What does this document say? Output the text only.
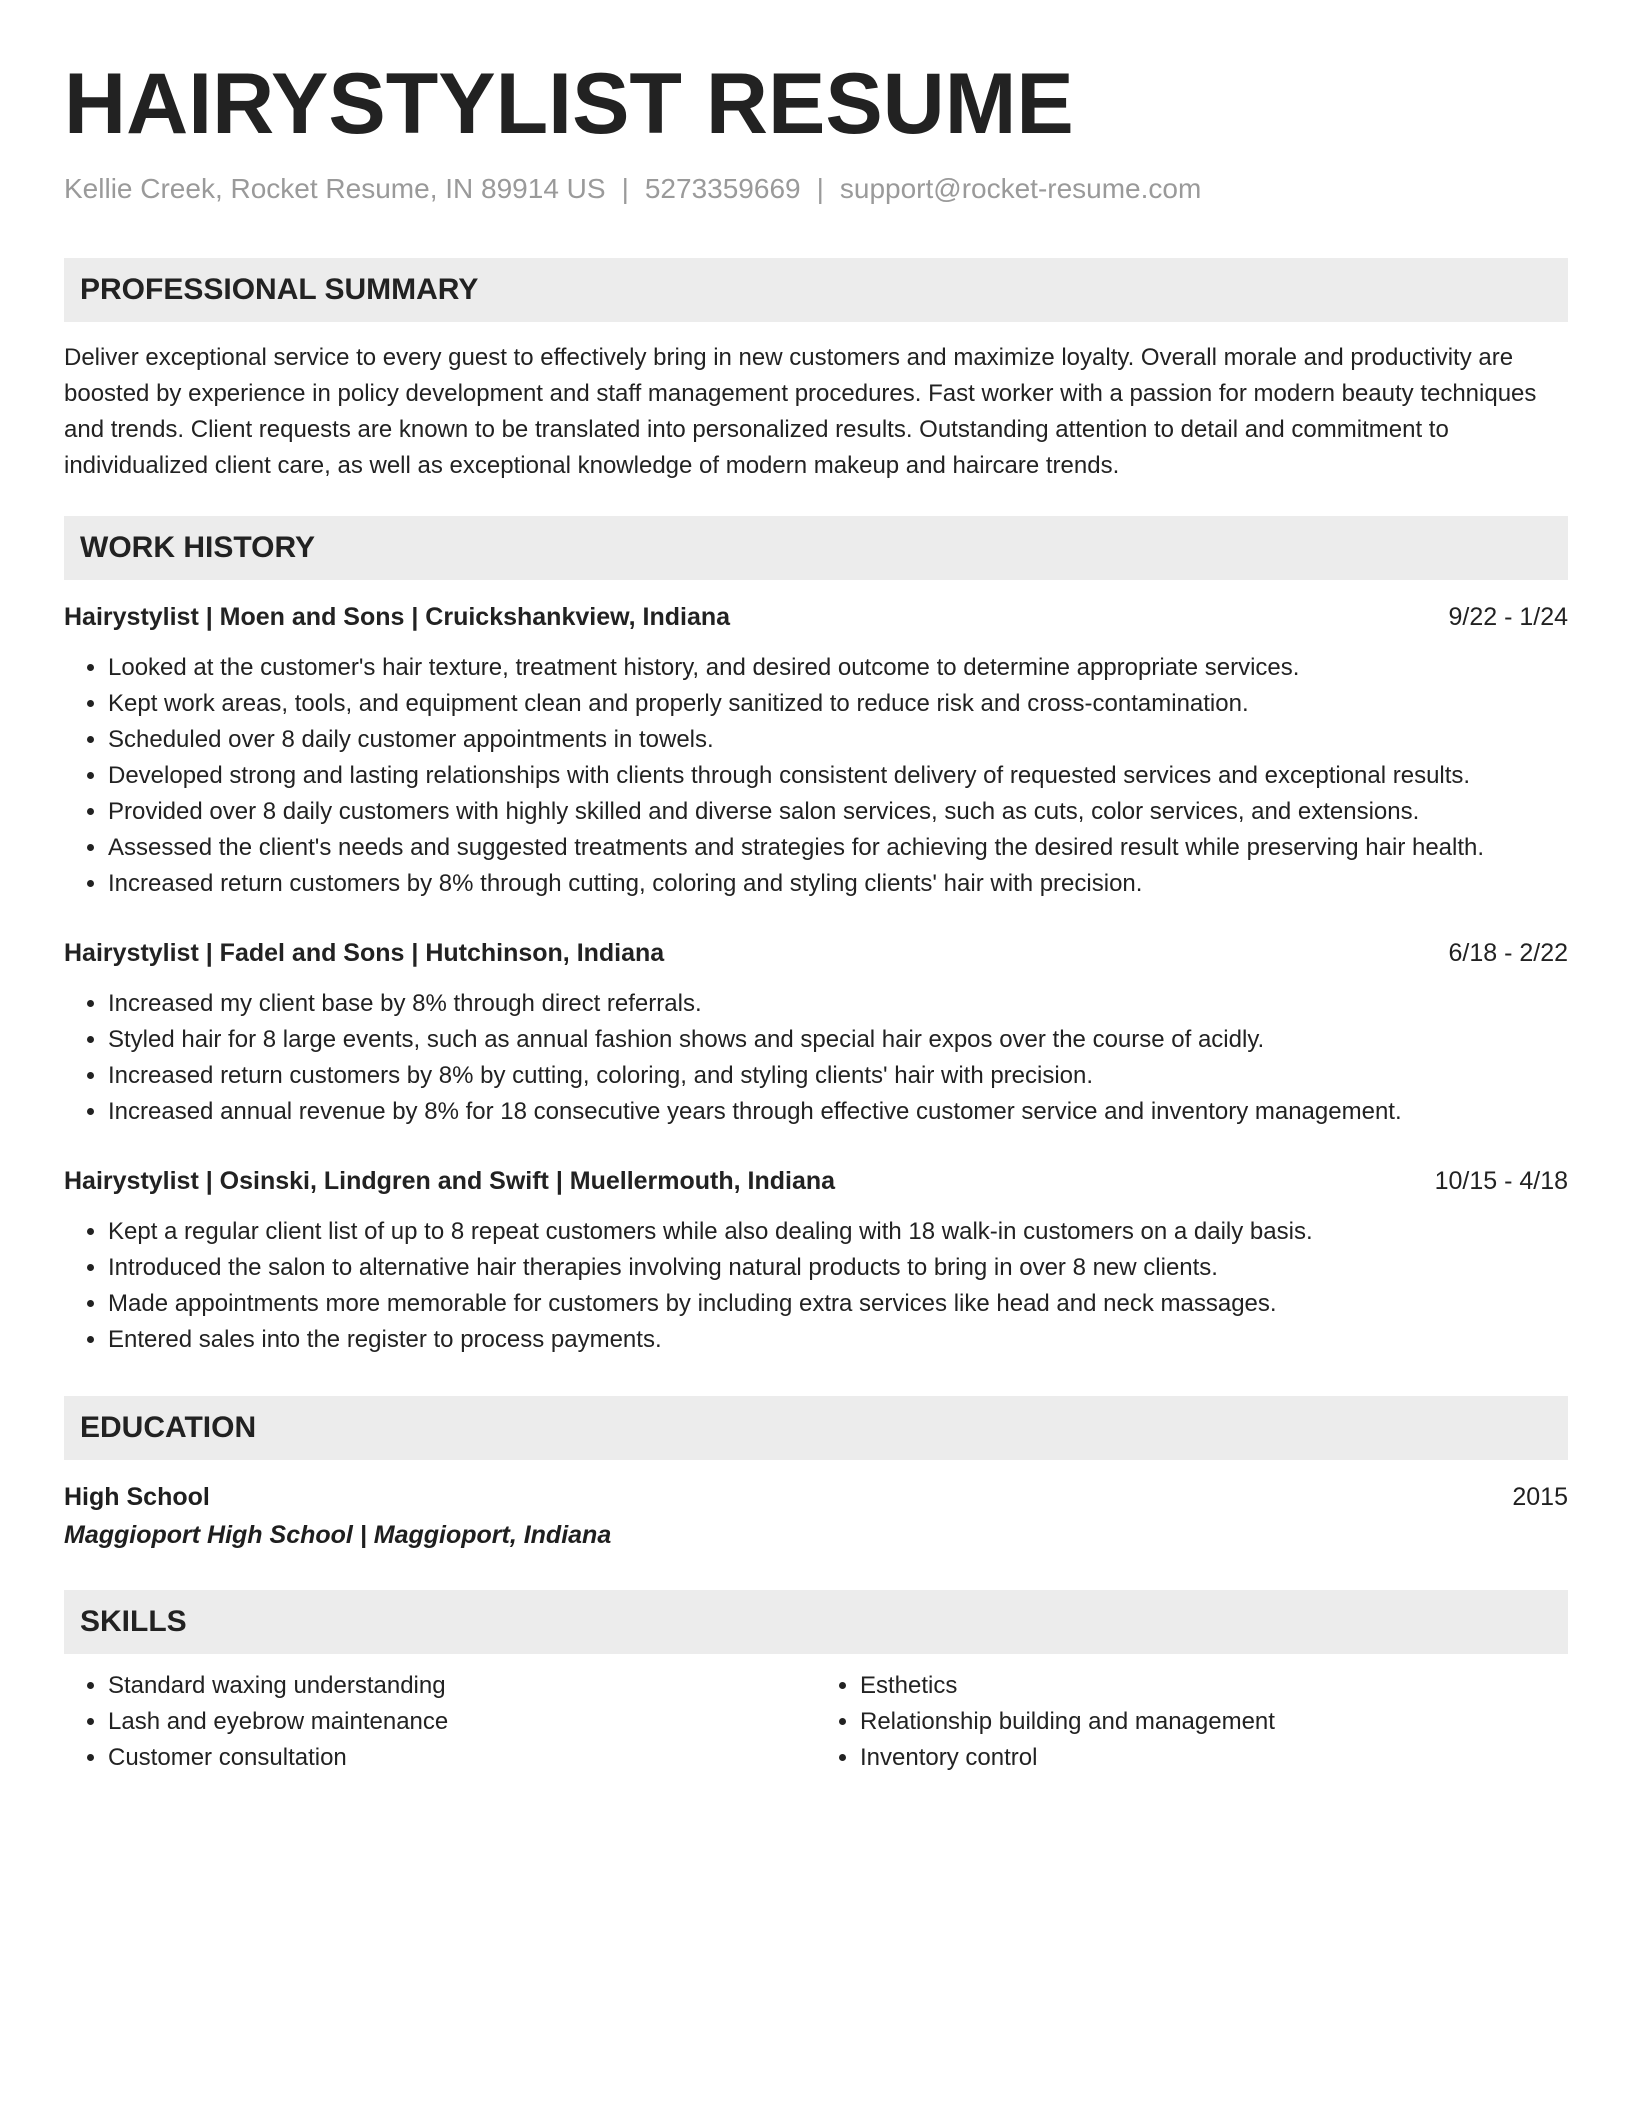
HAIRYSTYLIST RESUME
Kellie Creek, Rocket Resume, IN 89914 US | 5273359669 | support@rocket-resume.com
PROFESSIONAL SUMMARY

Deliver exceptional service to every guest to effectively bring in new customers and maximize loyalty. Overall morale and productivity are boosted by experience in policy development and staff management procedures. Fast worker with a passion for modern beauty techniques and trends. Client requests are known to be translated into personalized results. Outstanding attention to detail and commitment to individualized client care, as well as exceptional knowledge of modern makeup and haircare trends.

WORK HISTORY
Hairystylist | Moen and Sons | Cruickshankview, Indiana	9/22 - 1/24
• Looked at the customer's hair texture, treatment history, and desired outcome to determine appropriate services.
• Kept work areas, tools, and equipment clean and properly sanitized to reduce risk and cross-contamination.
• Scheduled over 8 daily customer appointments in towels.
• Developed strong and lasting relationships with clients through consistent delivery of requested services and exceptional results.
• Provided over 8 daily customers with highly skilled and diverse salon services, such as cuts, color services, and extensions.
• Assessed the client's needs and suggested treatments and strategies for achieving the desired result while preserving hair health.
• Increased return customers by 8% through cutting, coloring and styling clients' hair with precision.
Hairystylist | Fadel and Sons | Hutchinson, Indiana	6/18 - 2/22
• Increased my client base by 8% through direct referrals.
• Styled hair for 8 large events, such as annual fashion shows and special hair expos over the course of acidly.
• Increased return customers by 8% by cutting, coloring, and styling clients' hair with precision.
• Increased annual revenue by 8% for 18 consecutive years through effective customer service and inventory management.
Hairystylist | Osinski, Lindgren and Swift | Muellermouth, Indiana	10/15 - 4/18
• Kept a regular client list of up to 8 repeat customers while also dealing with 18 walk-in customers on a daily basis.
• Introduced the salon to alternative hair therapies involving natural products to bring in over 8 new clients.
• Made appointments more memorable for customers by including extra services like head and neck massages.
• Entered sales into the register to process payments.
EDUCATION
High School	2015
Maggioport High School | Maggioport, Indiana
SKILLS
• Standard waxing understanding
• Lash and eyebrow maintenance
• Customer consultation
• Esthetics
• Relationship building and management
• Inventory control
